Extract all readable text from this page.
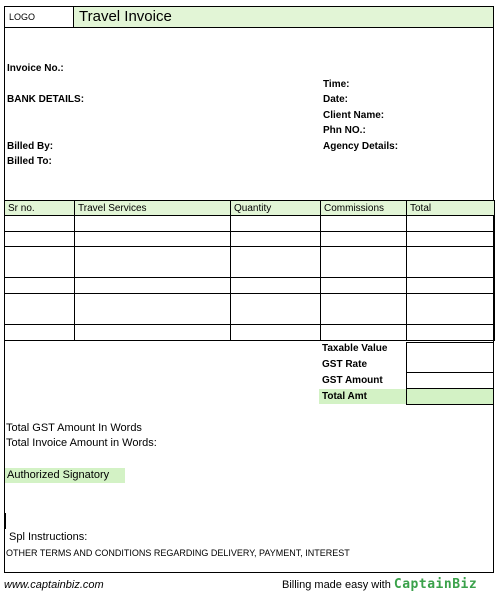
LOGO	Travel Invoice
Invoice No.:
BANK DETAILS:
Billed By:
Billed To:
Time:
Date:
Client Name:
Phn NO.:
Agency Details:
Sr no.	Travel Services	Quantity	Commissions	Total

Taxable Value
GST Rate
GST Amount
Total Amt
Total GST Amount In Words
Total Invoice Amount in Words:
Authorized Signatory
Spl Instructions:
OTHER TERMS AND CONDITIONS REGARDING DELIVERY, PAYMENT, INTEREST
www.captainbiz.com	Billing made easy with CaptainBiz
